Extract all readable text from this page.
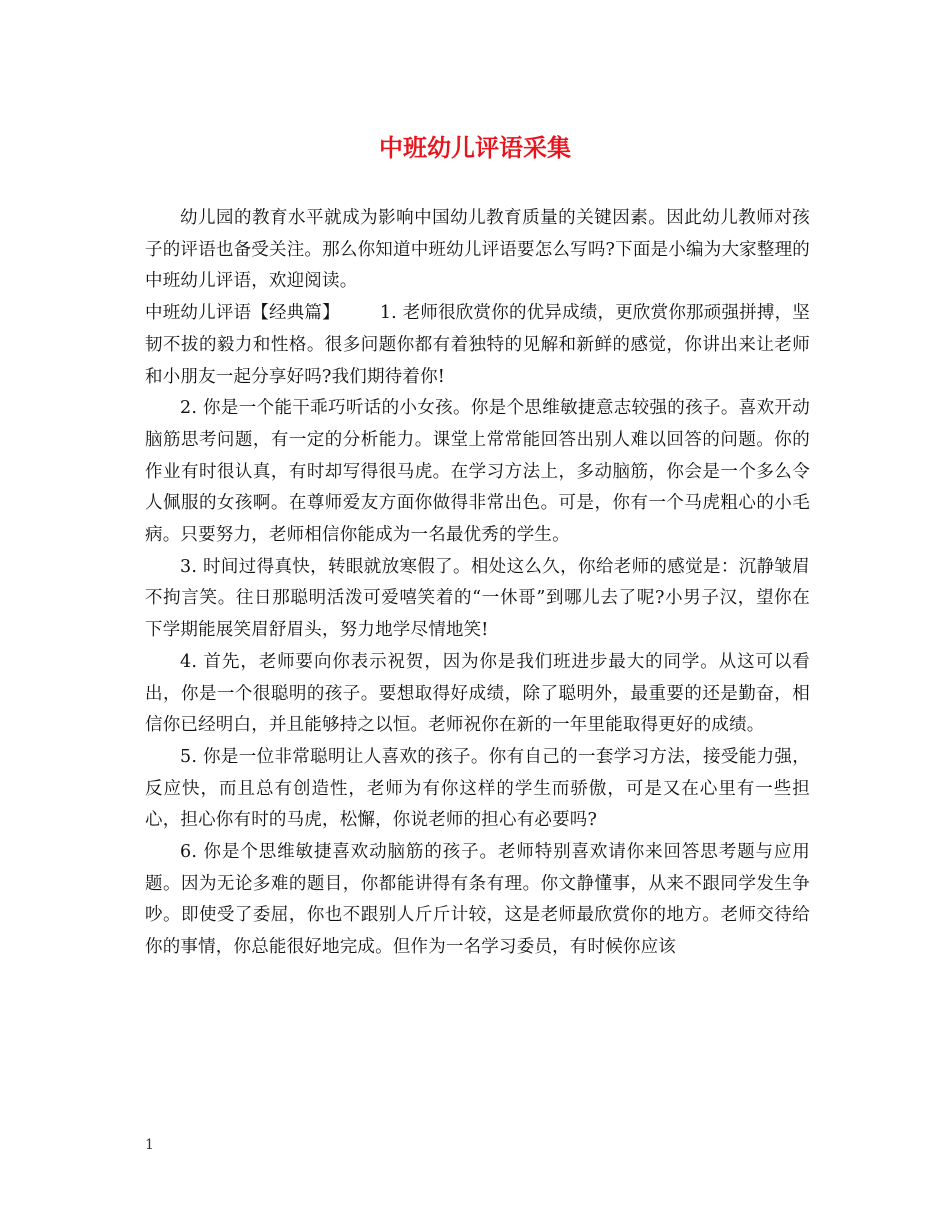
中班幼儿评语采集

幼儿园的教育水平就成为影响中国幼儿教育质量的关键因素。因此幼儿教师对孩子的评语也备受关注。那么你知道中班幼儿评语要怎么写吗?下面是小编为大家整理的中班幼儿评语，欢迎阅读。

中班幼儿评语【经典篇】 1. 老师很欣赏你的优异成绩，更欣赏你那顽强拼搏，坚韧不拔的毅力和性格。很多问题你都有着独特的见解和新鲜的感觉，你讲出来让老师和小朋友一起分享好吗?我们期待着你!

2. 你是一个能干乖巧听话的小女孩。你是个思维敏捷意志较强的孩子。喜欢开动脑筋思考问题，有一定的分析能力。课堂上常常能回答出别人难以回答的问题。你的作业有时很认真，有时却写得很马虎。在学习方法上，多动脑筋，你会是一个多么令人佩服的女孩啊。在尊师爱友方面你做得非常出色。可是，你有一个马虎粗心的小毛病。只要努力，老师相信你能成为一名最优秀的学生。

3. 时间过得真快，转眼就放寒假了。相处这么久，你给老师的感觉是：沉静皱眉不拘言笑。往日那聪明活泼可爱嘻笑着的“一休哥”到哪儿去了呢?小男子汉，望你在下学期能展笑眉舒眉头，努力地学尽情地笑!

4. 首先，老师要向你表示祝贺，因为你是我们班进步最大的同学。从这可以看出，你是一个很聪明的孩子。要想取得好成绩，除了聪明外，最重要的还是勤奋，相信你已经明白，并且能够持之以恒。老师祝你在新的一年里能取得更好的成绩。

5. 你是一位非常聪明让人喜欢的孩子。你有自己的一套学习方法，接受能力强，反应快，而且总有创造性，老师为有你这样的学生而骄傲，可是又在心里有一些担心，担心你有时的马虎，松懈，你说老师的担心有必要吗?

6. 你是个思维敏捷喜欢动脑筋的孩子。老师特别喜欢请你来回答思考题与应用题。因为无论多难的题目，你都能讲得有条有理。你文静懂事，从来不跟同学发生争吵。即使受了委屈，你也不跟别人斤斤计较，这是老师最欣赏你的地方。老师交待给你的事情，你总能很好地完成。但作为一名学习委员，有时候你应该

1
